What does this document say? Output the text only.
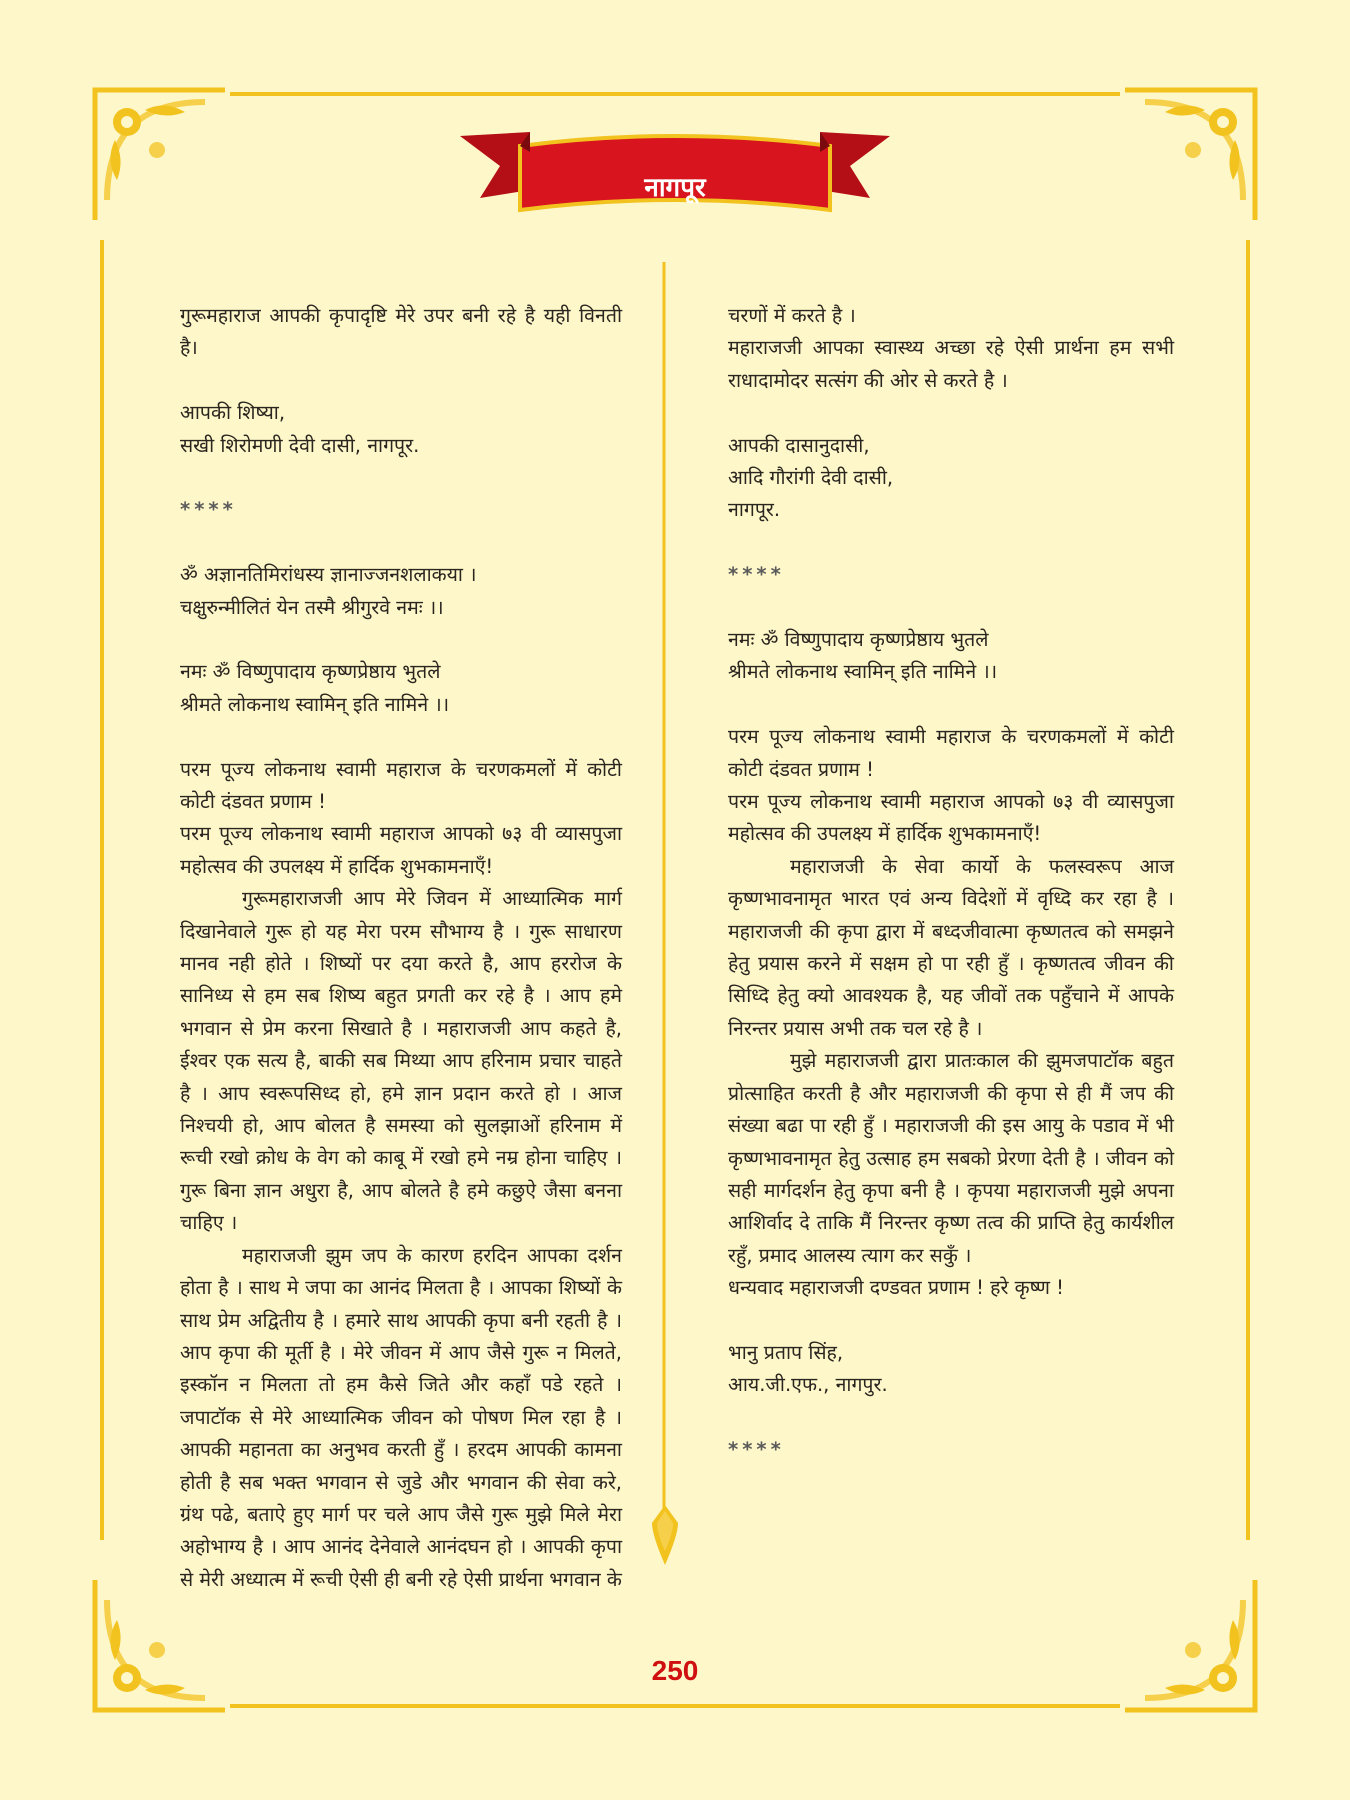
नागपूर

गुरूमहाराज आपकी कृपादृष्टि मेरे उपर बनी रहे है यही विनती है।

आपकी शिष्या,
सखी शिरोमणी देवी दासी, नागपूर.
****
ॐ अज्ञानतिमिरांधस्य ज्ञानाज्जनशलाकया ।
चक्षुरुन्मीलितं येन तस्मै श्रीगुरवे नमः ।।
नमः ॐ विष्णुपादाय कृष्णप्रेष्ठाय भुतले
श्रीमते लोकनाथ स्वामिन् इति नामिने ।।

परम पूज्य लोकनाथ स्वामी महाराज के चरणकमलों में कोटी कोटी दंडवत प्रणाम !

परम पूज्य लोकनाथ स्वामी महाराज आपको ७३ वी व्यासपुजा महोत्सव की उपलक्ष्य में हार्दिक शुभकामनाएँ!

गुरूमहाराजजी आप मेरे जिवन में आध्यात्मिक मार्ग दिखानेवाले गुरू हो यह मेरा परम सौभाग्य है । गुरू साधारण मानव नही होते । शिष्यों पर दया करते है, आप हररोज के सानिध्य से हम सब शिष्य बहुत प्रगती कर रहे है । आप हमे भगवान से प्रेम करना सिखाते है । महाराजजी आप कहते है, ईश्वर एक सत्य है, बाकी सब मिथ्या आप हरिनाम प्रचार चाहते है । आप स्वरूपसिध्द हो, हमे ज्ञान प्रदान करते हो । आज निश्चयी हो, आप बोलत है समस्या को सुलझाओं हरिनाम में रूची रखो क्रोध के वेग को काबू में रखो हमे नम्र होना चाहिए । गुरू बिना ज्ञान अधुरा है, आप बोलते है हमे कछुऐ जैसा बनना चाहिए ।

महाराजजी झुम जप के कारण हरदिन आपका दर्शन होता है । साथ मे जपा का आनंद मिलता है । आपका शिष्यों के साथ प्रेम अद्वितीय है । हमारे साथ आपकी कृपा बनी रहती है । आप कृपा की मूर्ती है । मेरे जीवन में आप जैसे गुरू न मिलते, इस्कॉन न मिलता तो हम कैसे जिते और कहाँ पडे रहते । जपाटॉक से मेरे आध्यात्मिक जीवन को पोषण मिल रहा है । आपकी महानता का अनुभव करती हुँ । हरदम आपकी कामना होती है सब भक्त भगवान से जुडे और भगवान की सेवा करे, ग्रंथ पढे, बताऐ हुए मार्ग पर चले आप जैसे गुरू मुझे मिले मेरा अहोभाग्य है । आप आनंद देनेवाले आनंदघन हो । आपकी कृपा से मेरी अध्यात्म में रूची ऐसी ही बनी रहे ऐसी प्रार्थना भगवान के

चरणों में करते है ।

महाराजजी आपका स्वास्थ्य अच्छा रहे ऐसी प्रार्थना हम सभी राधादामोदर सत्संग की ओर से करते है ।

आपकी दासानुदासी,
आदि गौरांगी देवी दासी,
नागपूर.
****
नमः ॐ विष्णुपादाय कृष्णप्रेष्ठाय भुतले
श्रीमते लोकनाथ स्वामिन् इति नामिने ।।

परम पूज्य लोकनाथ स्वामी महाराज के चरणकमलों में कोटी कोटी दंडवत प्रणाम !

परम पूज्य लोकनाथ स्वामी महाराज आपको ७३ वी व्यासपुजा महोत्सव की उपलक्ष्य में हार्दिक शुभकामनाएँ!

महाराजजी के सेवा कार्यो के फलस्वरूप आज कृष्णभावनामृत भारत एवं अन्य विदेशों में वृध्दि कर रहा है । महाराजजी की कृपा द्वारा में बध्दजीवात्मा कृष्णतत्व को समझने हेतु प्रयास करने में सक्षम हो पा रही हुँ । कृष्णतत्व जीवन की सिध्दि हेतु क्यो आवश्यक है, यह जीवों तक पहुँचाने में आपके निरन्तर प्रयास अभी तक चल रहे है ।

मुझे महाराजजी द्वारा प्रातःकाल की झुमजपाटॉक बहुत प्रोत्साहित करती है और महाराजजी की कृपा से ही मैं जप की संख्या बढा पा रही हुँ । महाराजजी की इस आयु के पडाव में भी कृष्णभावनामृत हेतु उत्साह हम सबको प्रेरणा देती है । जीवन को सही मार्गदर्शन हेतु कृपा बनी है । कृपया महाराजजी मुझे अपना आशिर्वाद दे ताकि मैं निरन्तर कृष्ण तत्व की प्राप्ति हेतु कार्यशील रहुँ, प्रमाद आलस्य त्याग कर सकुँ ।

धन्यवाद महाराजजी दण्डवत प्रणाम ! हरे कृष्ण !

भानु प्रताप सिंह,
आय.जी.एफ., नागपुर.
****
250
